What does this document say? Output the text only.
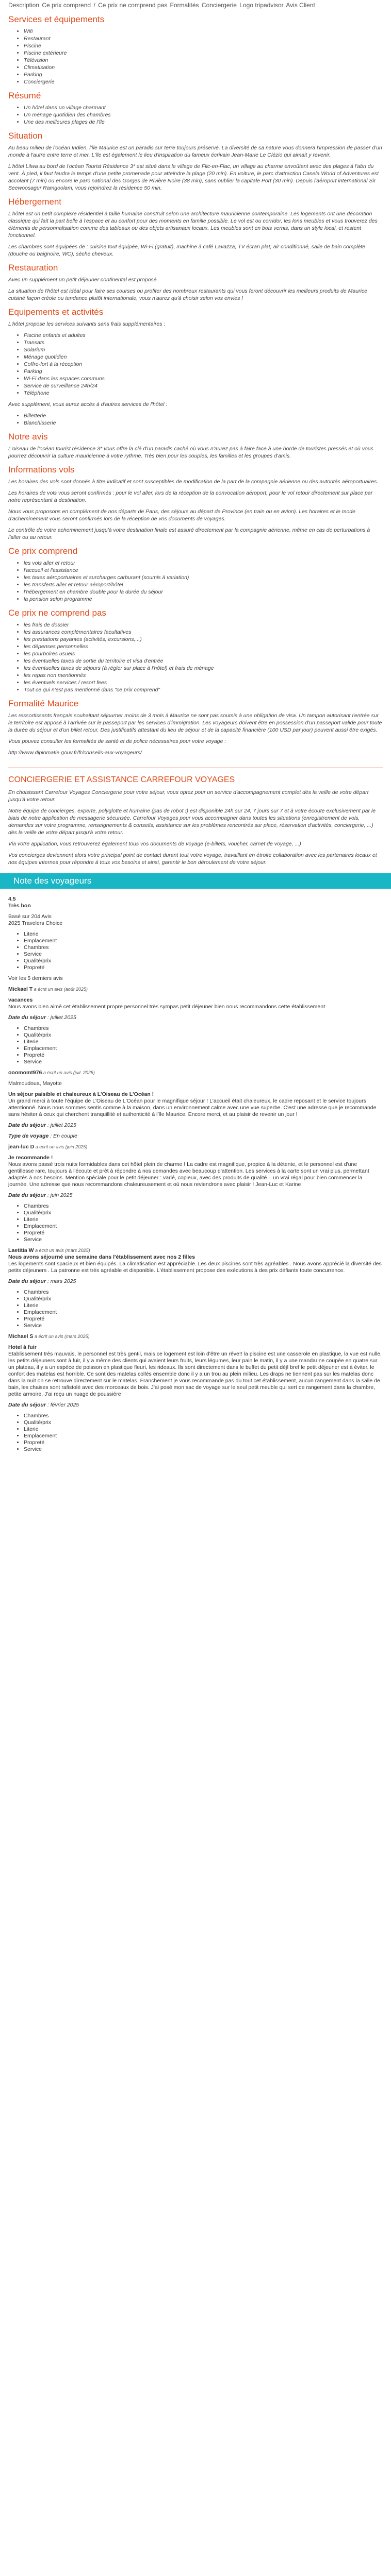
Description Ce prix comprend / Ce prix ne comprend pas Formalités Conciergerie Logo tripadvisor Avis Client
Services et équipements
• Wifi
• Restaurant
• Piscine
• Piscine extérieure
• Télévision
• Climatisation
• Parking
• Conciergerie
Résumé
• Un hôtel dans un village charmant
• Un ménage quotidien des chambres
• Une des meilleures plages de l'île
Situation

Au beau milieu de l'océan Indien, l'île Maurice est un paradis sur terre toujours préservé. La diversité de sa nature vous donnera l'impression de passer d'un monde à l'autre entre terre et mer. L'île est également le lieu d'inspiration du fameux écrivain Jean-Marie Le Clézio qui aimait y revenir.

L'hôtel Lilwa au bord de l'océan Tourist Résidence 3* est situé dans le village de Flic-en-Flac, un village au charme envoûtant avec des plages à l'abri du vent. À pied, il faut faudra le temps d'une petite promenade pour atteindre la plage (20 min). En voiture, le parc d'attraction Casela World of Adventures est accolant (7 min) ou encore le parc national des Gorges de Rivière Noire (38 min), sans oublier la capitale Port (30 min). Depuis l'aéroport international Sir Seewoosagur Ramgoolam, vous rejoindrez la résidence 50 min.

Hébergement

L'hôtel est un petit complexe résidentiel à taille humaine construit selon une architecture mauricienne contemporaine. Les logements ont une décoration classique qui fait la part belle à l'espace et au confort pour des moments en famille possible. Le vol est ou corridor, les lons meubles et vous trouverez des éléments de personnalisation comme des tableaux ou des objets artisanaux locaux. Les meubles sont en bois vernis, dans un style local, et restent fonctionnel.

Les chambres sont équipées de : cuisine tout équipée, Wi-Fi (gratuit), machine à café Lavazza, TV écran plat, air conditionné, salle de bain complète (douche ou baignoire, WC), sèche cheveux.

Restauration

Avec un supplément un petit déjeuner continental est proposé.

La situation de l'hôtel est idéal pour faire ses courses ou profiter des nombreux restaurants qui vous feront découvrir les meilleurs produits de Maurice cuisiné façon créole ou tendance plutôt internationale, vous n'aurez qu'à choisir selon vos envies !

Equipements et activités

L'hôtel propose les services suivants sans frais supplémentaires :

• Piscine enfants et adultes
• Transats
• Solarium
• Ménage quotidien
• Coffre-fort à la réception
• Parking
• Wi-Fi dans les espaces communs
• Service de surveillance 24h/24
• Téléphone

Avec supplément, vous aurez accès à d'autres services de l'hôtel :

• Billetterie
• Blanchisserie
Notre avis

L'oiseau de l'océan tourist résidence 3* vous offre la clé d'un paradis caché où vous n'aurez pas à faire face à une horde de touristes pressés et où vous pourrez découvrir la culture mauricienne à votre rythme. Très bien pour les couples, les familles et les groupes d'amis.

Informations vols

Les horaires des vols sont donnés à titre indicatif et sont susceptibles de modification de la part de la compagnie aérienne ou des autorités aéroportuaires.

Les horaires de vols vous seront confirmés : pour le vol aller, lors de la réception de la convocation aéroport, pour le vol retour directement sur place par notre représentant à destination.

Nous vous proposons en complément de nos départs de Paris, des séjours au départ de Province (en train ou en avion). Les horaires et le mode d'acheminement vous seront confirmés lors de la réception de vos documents de voyages.

Le contrôle de votre acheminement jusqu'à votre destination finale est assuré directement par la compagnie aérienne, même en cas de perturbations à l'aller ou au retour.

Ce prix comprend
• les vols aller et retour
• l'accueil et l'assistance
• les taxes aéroportuaires et surcharges carburant (soumis à variation)
• les transferts aller et retour aéroport/hôtel
• l'hébergement en chambre double pour la durée du séjour
• la pension selon programme
Ce prix ne comprend pas
• les frais de dossier
• les assurances complémentaires facultatives
• les prestations payantes (activités, excursions,...)
• les dépenses personnelles
• les pourboires usuels
• les éventuelles taxes de sortie du territoire et visa d'entrée
• les éventuelles taxes de séjours (à régler sur place à l'hôtel) et frais de ménage
• les repas non mentionnés
• les éventuels services / resort fees
• Tout ce qui n'est pas mentionné dans "ce prix comprend"
Formalité Maurice

Les ressortissants français souhaitant séjourner moins de 3 mois à Maurice ne sont pas soumis à une obligation de visa. Un tampon autorisant l'entrée sur le territoire est apposé à l'arrivée sur le passeport par les services d'immigration. Les voyageurs doivent être en possession d'un passeport valide pour toute la durée du séjour et d'un billet retour. Des justificatifs attestant du lieu de séjour et de la capacité financière (100 USD par jour) peuvent aussi être exigés.

Vous pouvez consulter les formalités de santé et de police nécessaires pour votre voyage :

http://www.diplomatie.gouv.fr/fr/conseils-aux-voyageurs/

CONCIERGERIE ET ASSISTANCE CARREFOUR VOYAGES

En choisissant Carrefour Voyages Conciergerie pour votre séjour, vous optez pour un service d'accompagnement complet dès la veille de votre départ jusqu'à votre retour.

Notre équipe de concierges, experte, polyglotte et humaine (pas de robot !) est disponible 24h sur 24, 7 jours sur 7 et à votre écoute exclusivement par le biais de notre application de messagerie sécurisée. Carrefour Voyages pour vous accompagner dans toutes les situations (enregistrement de vols, demandes sur votre programme, renseignements & conseils, assistance sur les problèmes rencontrés sur place, réservation d'activités, conciergerie, ...) dès la veille de votre départ jusqu'à votre retour.

Via votre application, vous retrouverez également tous vos documents de voyage (e-billets, voucher, carnet de voyage, ...)

Vos concierges deviennent alors votre principal point de contact durant tout votre voyage, travaillant en étroite collaboration avec les partenaires locaux et nos équipes internes pour répondre à tous vos besoins et ainsi, garantir le bon déroulement de votre séjour.

Note des voyageurs

4.5
Très bon

Basé sur 204 Avis
2025 Travelers Choice

• Literie
• Emplacement
• Chambres
• Service
• Qualité/prix
• Propreté

Voir les 5 derniers avis

Mickael T a écrit un avis (août 2025)

vacances
Nous avons bien aimé cet établissement propre personnel très sympas petit déjeuner bien nous recommandons cette établissement

Date du séjour : juillet 2025

• Chambres
• Qualité/prix
• Literie
• Emplacement
• Propreté
• Service

ooomomt976 a écrit un avis (juil. 2025)

Malmoudoua, Mayotte

Un séjour paisible et chaleureux à L'Oiseau de L'Océan !
Un grand merci à toute l'équipe de L'Oiseau de L'Océan pour le magnifique séjour ! L'accueil était chaleureux, le cadre reposant et le service toujours attentionné. Nous nous sommes sentis comme à la maison, dans un environnement calme avec une vue superbe. C'est une adresse que je recommande sans hésiter à ceux qui cherchent tranquillité et authenticité à l'île Maurice. Encore merci, et au plaisir de revenir un jour !

Date du séjour : juillet 2025

Type de voyage : En couple

jean-luc D a écrit un avis (juin 2025)

Je recommande !
Nous avons passé trois nuits formidables dans cet hôtel plein de charme ! La cadre est magnifique, propice à la détente, et le personnel est d'une gentillesse rare, toujours à l'écoute et prêt à répondre à nos demandes avec beaucoup d'attention. Les services à la carte sont un vrai plus, permettant adaptés à nos besoins. Mention spéciale pour le petit déjeuner : varié, copieux, avec des produits de qualité – un vrai régal pour bien commencer la journée. Une adresse que nous recommandons chaleureusement et où nous reviendrons avec plaisir ! Jean-Luc et Karine

Date du séjour : juin 2025

• Chambres
• Qualité/prix
• Literie
• Emplacement
• Propreté
• Service

Laetitia W a écrit un avis (mars 2025)
Nous avons séjourné une semaine dans l'établissement avec nos 2 filles
Les logements sont spacieux et bien équipés. La climatisation est appréciable. Les deux piscines sont très agréables . Nous avons apprécié la diversité des petits déjeuners . La patronne est très agréable et disponible. L'établissement propose des exécutions à des prix défiants toute concurrence.

Date du séjour : mars 2025

• Chambres
• Qualité/prix
• Literie
• Emplacement
• Propreté
• Service

Michael S a écrit un avis (mars 2025)

Hotel à fuir
Etablissement très mauvais, le personnel est très gentil, mais ce logement est loin d'être un rêve!! la piscine est une casserole en plastique, la vue est nulle, les petits déjeuners sont à fuir, il y a même des clients qui avaient leurs fruits, leurs légumes, leur pain le matin, il y a une mandarine coupée en quatre sur un plateau, il y a un espèce de poisson en plastique fleuri, les rideaux. Ils sont directement dans le buffet du petit déj! bref le petit déjeuner est à éviter, le confort des matelas est horrible. Ce sont des matelas collés ensemble donc il y a un trou au plein milieu. Les draps ne tiennent pas sur les matelas donc dans la nuit on se retrouve directement sur le matelas. Franchement je vous recommande pas du tout cet établissement, aucun rangement dans la salle de bain, les chaises sont rafistolé avec des morceaux de bois. J'ai posé mon sac de voyage sur le seul petit meuble qui sert de rangement dans la chambre, petite armoire. J'ai reçu un nuage de poussière

Date du séjour : février 2025

• Chambres
• Qualité/prix
• Literie
• Emplacement
• Propreté
• Service
